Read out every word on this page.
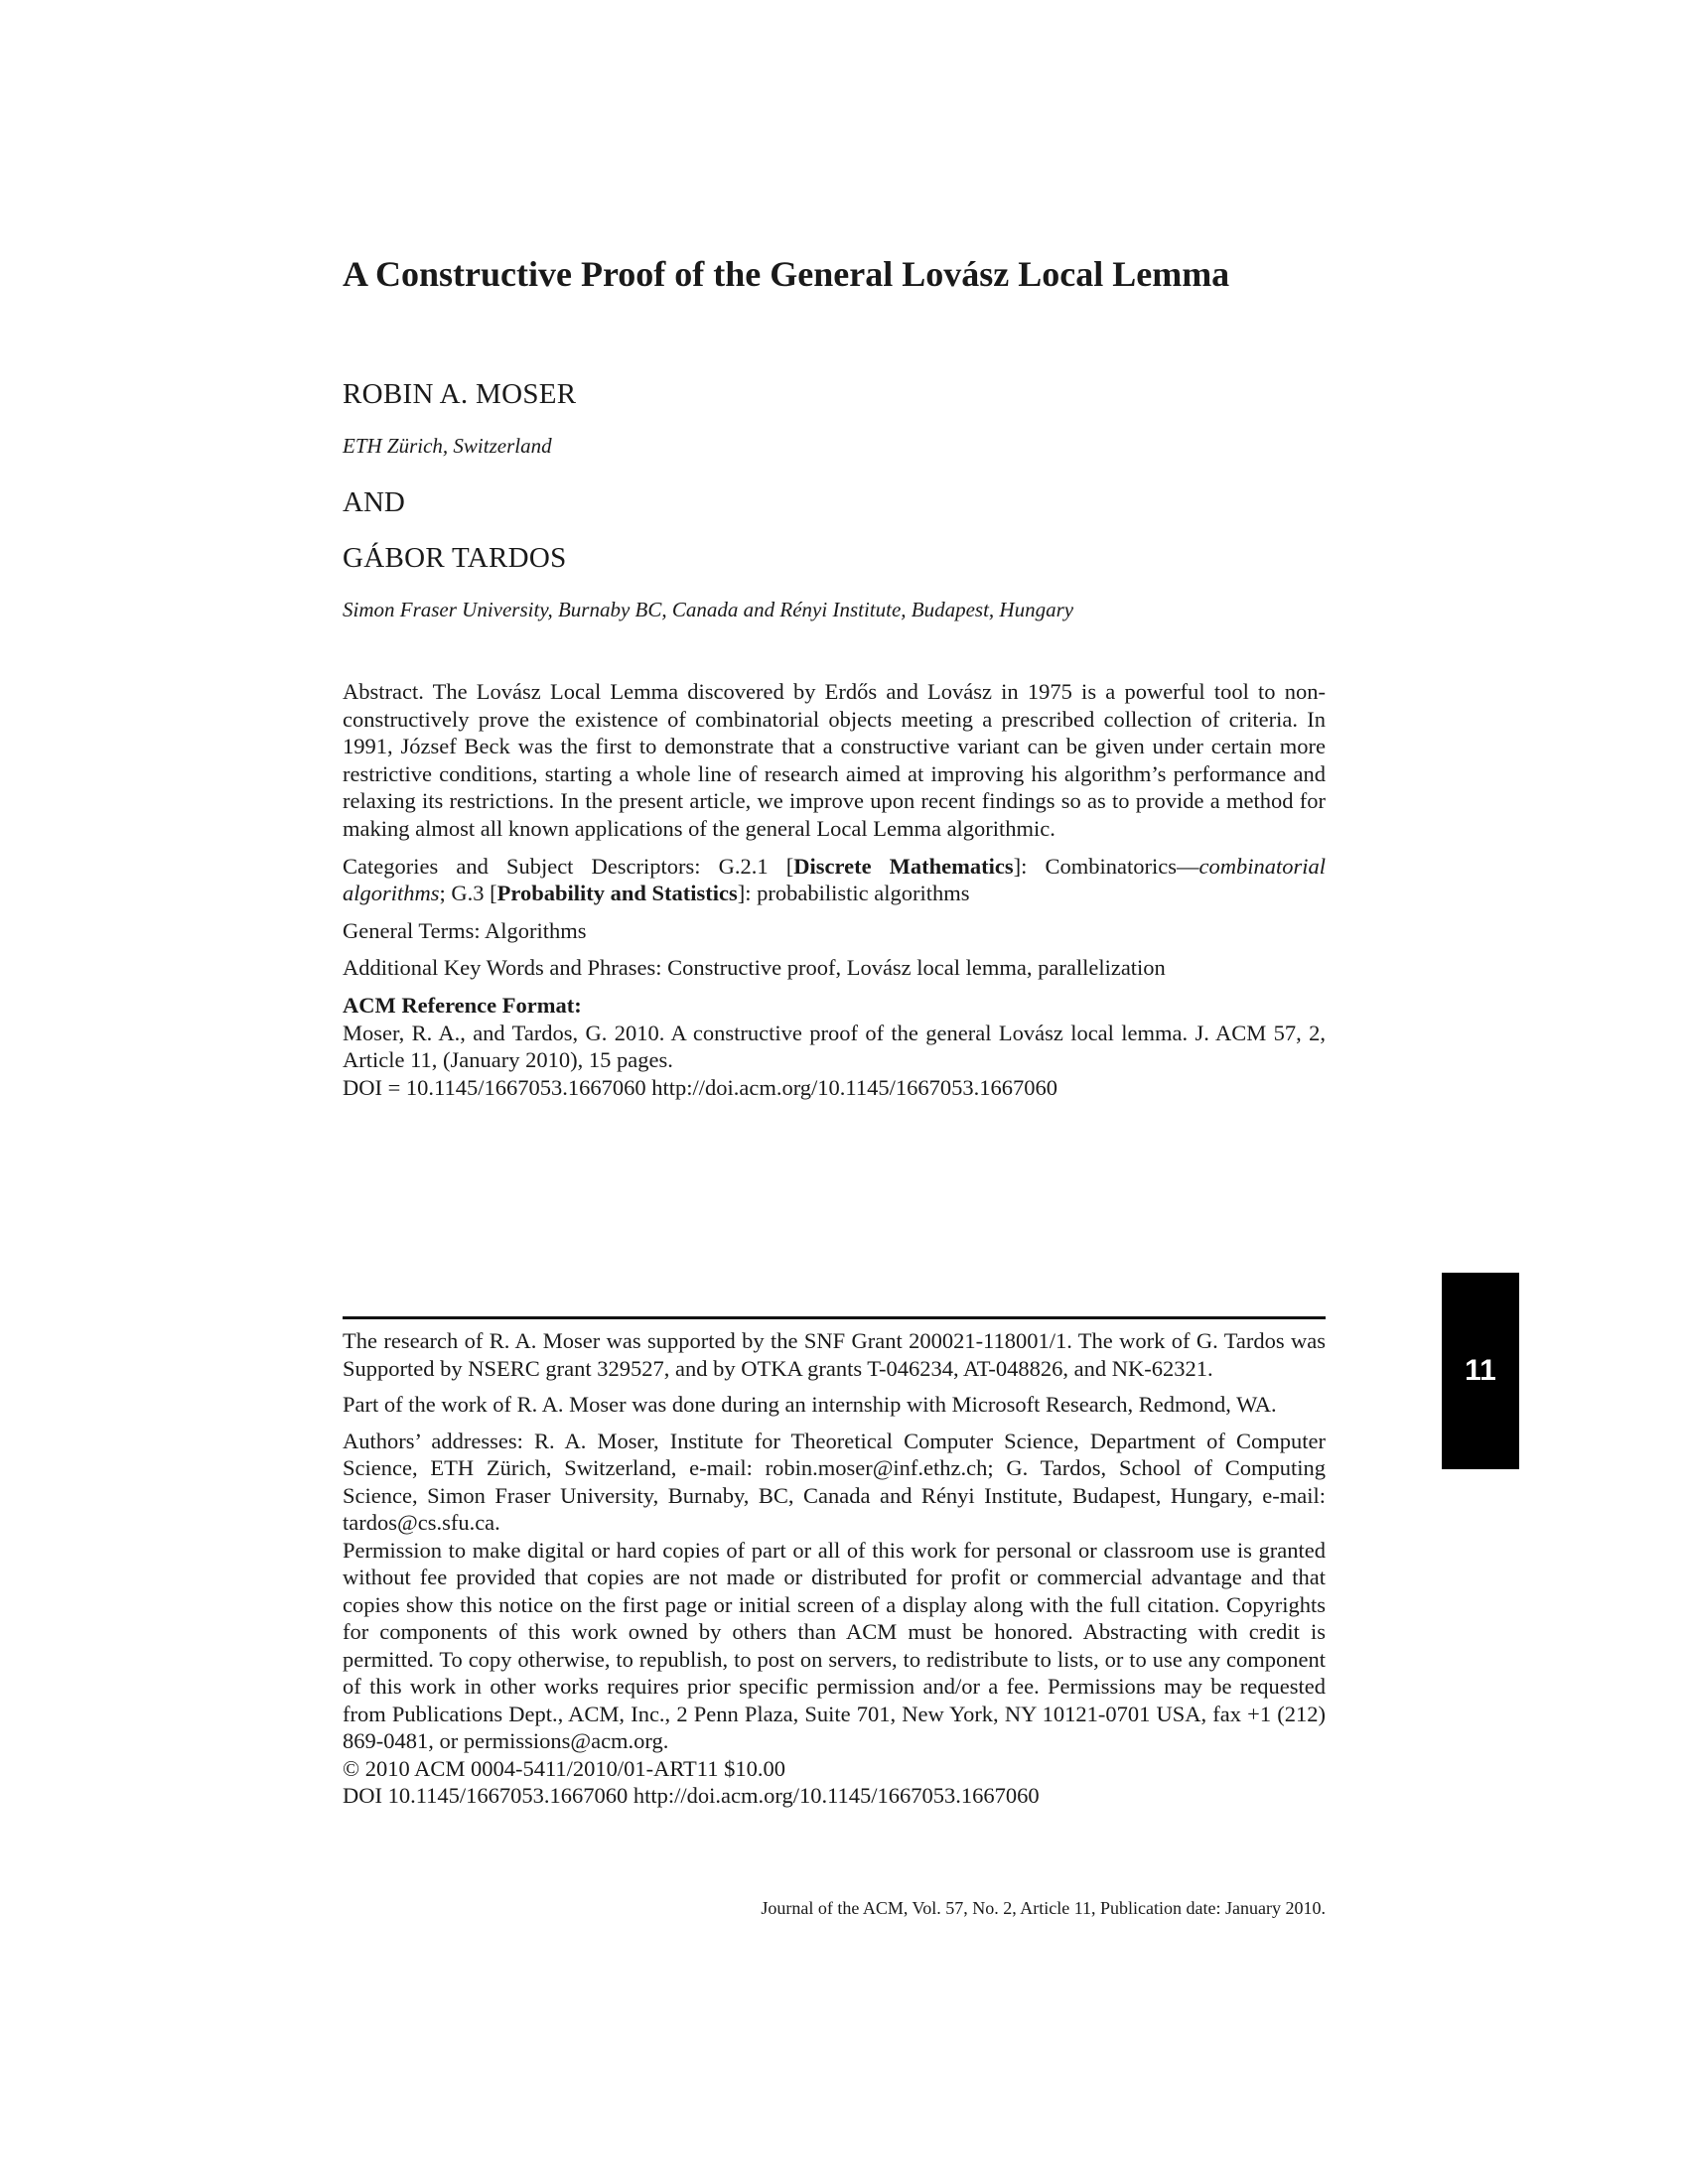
A Constructive Proof of the General Lovász Local Lemma
ROBIN A. MOSER
ETH Zürich, Switzerland
AND
GÁBOR TARDOS
Simon Fraser University, Burnaby BC, Canada and Rényi Institute, Budapest, Hungary

Abstract. The Lovász Local Lemma discovered by Erdős and Lovász in 1975 is a powerful tool to non-constructively prove the existence of combinatorial objects meeting a prescribed collection of criteria. In 1991, József Beck was the first to demonstrate that a constructive variant can be given under certain more restrictive conditions, starting a whole line of research aimed at improving his algorithm’s performance and relaxing its restrictions. In the present article, we improve upon recent findings so as to provide a method for making almost all known applications of the general Local Lemma algorithmic.

Categories and Subject Descriptors: G.2.1 [Discrete Mathematics]: Combinatorics—combinatorial algorithms; G.3 [Probability and Statistics]: probabilistic algorithms

General Terms: Algorithms

Additional Key Words and Phrases: Constructive proof, Lovász local lemma, parallelization

ACM Reference Format:

Moser, R. A., and Tardos, G. 2010. A constructive proof of the general Lovász local lemma. J. ACM 57, 2, Article 11, (January 2010), 15 pages.

DOI = 10.1145/1667053.1667060 http://doi.acm.org/10.1145/1667053.1667060

The research of R. A. Moser was supported by the SNF Grant 200021-118001/1. The work of G. Tardos was Supported by NSERC grant 329527, and by OTKA grants T-046234, AT-048826, and NK-62321.

Part of the work of R. A. Moser was done during an internship with Microsoft Research, Redmond, WA.

Authors’ addresses: R. A. Moser, Institute for Theoretical Computer Science, Department of Computer Science, ETH Zürich, Switzerland, e-mail: robin.moser@inf.ethz.ch; G. Tardos, School of Computing Science, Simon Fraser University, Burnaby, BC, Canada and Rényi Institute, Budapest, Hungary, e-mail: tardos@cs.sfu.ca.

Permission to make digital or hard copies of part or all of this work for personal or classroom use is granted without fee provided that copies are not made or distributed for profit or commercial advantage and that copies show this notice on the first page or initial screen of a display along with the full citation. Copyrights for components of this work owned by others than ACM must be honored. Abstracting with credit is permitted. To copy otherwise, to republish, to post on servers, to redistribute to lists, or to use any component of this work in other works requires prior specific permission and/or a fee. Permissions may be requested from Publications Dept., ACM, Inc., 2 Penn Plaza, Suite 701, New York, NY 10121-0701 USA, fax +1 (212) 869-0481, or permissions@acm.org.

© 2010 ACM 0004-5411/2010/01-ART11 $10.00

DOI 10.1145/1667053.1667060 http://doi.acm.org/10.1145/1667053.1667060

Journal of the ACM, Vol. 57, No. 2, Article 11, Publication date: January 2010.
11
